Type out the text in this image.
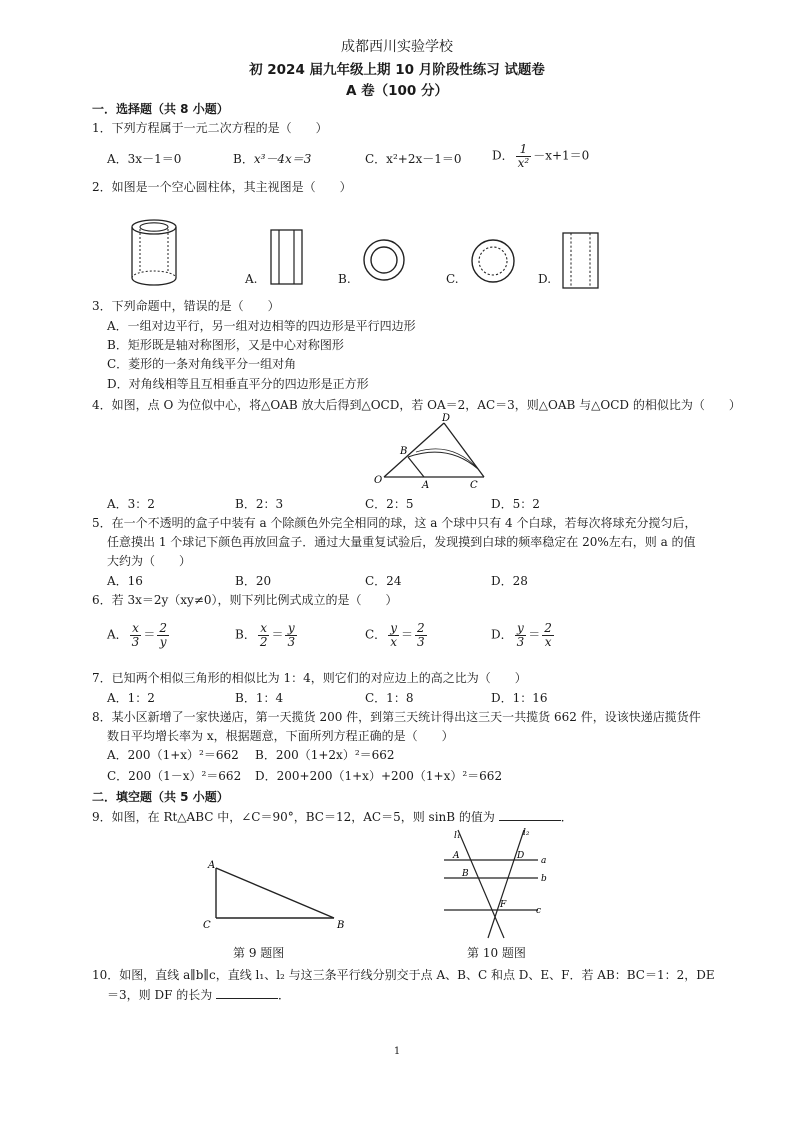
成都西川实验学校
初 2024 届九年级上期 10 月阶段性练习 试题卷
A 卷（100 分）
一．选择题（共 8 小题）
1．下列方程属于一元二次方程的是（　　）
A．3x－1＝0	B．x³－4x＝3	C．x²+2x－1＝0	D． $\frac{1}{\text{x²}} -x+1=0$
2．如图是一个空心圆柱体，其主视图是（　　）
A.	B.	C.	D.
3．下列命题中，错误的是（　　）
A．一组对边平行，另一组对边相等的四边形是平行四边形
B．矩形既是轴对称图形，又是中心对称图形
C．菱形的一条对角线平分一组对角
D．对角线相等且互相垂直平分的四边形是正方形
4．如图，点 O 为位似中心，将△OAB 放大后得到△OCD，若 OA＝2，AC＝3，则△OAB 与△OCD 的相似比为（　　）
O	A
B
C
D
A．3：2	B．2：3	C．2：5	D．5：2
5．在一个不透明的盒子中装有 a 个除颜色外完全相同的球，这 a 个球中只有 4 个白球，若每次将球充分搅匀后，
任意摸出 1 个球记下颜色再放回盒子．通过大量重复试验后，发现摸到白球的频率稳定在 20%左右，则 a 的值
大约为（　　）
A．16	B．20	C．24	D．28
6．若 3x＝2y（xy≠0），则下列比例式成立的是（　　）
A． $\frac{x}{3} = \frac{2}{y}$	B． $\frac{x}{2} = \frac{y}{3}$	C． $\frac{y}{x} = \frac{2}{3}$	D． $\frac{y}{3} = \frac{2}{x}$
7．已知两个相似三角形的相似比为 1：4，则它们的对应边上的高之比为（　　）
A．1：2	B．1：4	C．1：8	D．1：16
8．某小区新增了一家快递店，第一天揽货 200 件，到第三天统计得出这三天一共揽货 662 件，设该快递店揽货件
数日平均增长率为 x，根据题意，下面所列方程正确的是（　　）
A．200（1+x）²＝662 B．200（1+2x）²＝662
C．200（1－x）²＝662 D．200+200（1+x）+200（1+x）²＝662
二．填空题（共 5 小题）
9．如图，在 Rt△ABC 中，∠C＝90°，BC＝12，AC＝5，则 sinB 的值为	．
A
C	B
第 9 题图
l₁	l₂
a
b
c
A
B
D
F
第 10 题图
10．如图，直线 a∥b∥c，直线 l₁、l₂ 与这三条平行线分别交于点 A、B、C 和点 D、E、F．若 AB：BC＝1：2，DE
＝3，则 DF 的长为	．
1
